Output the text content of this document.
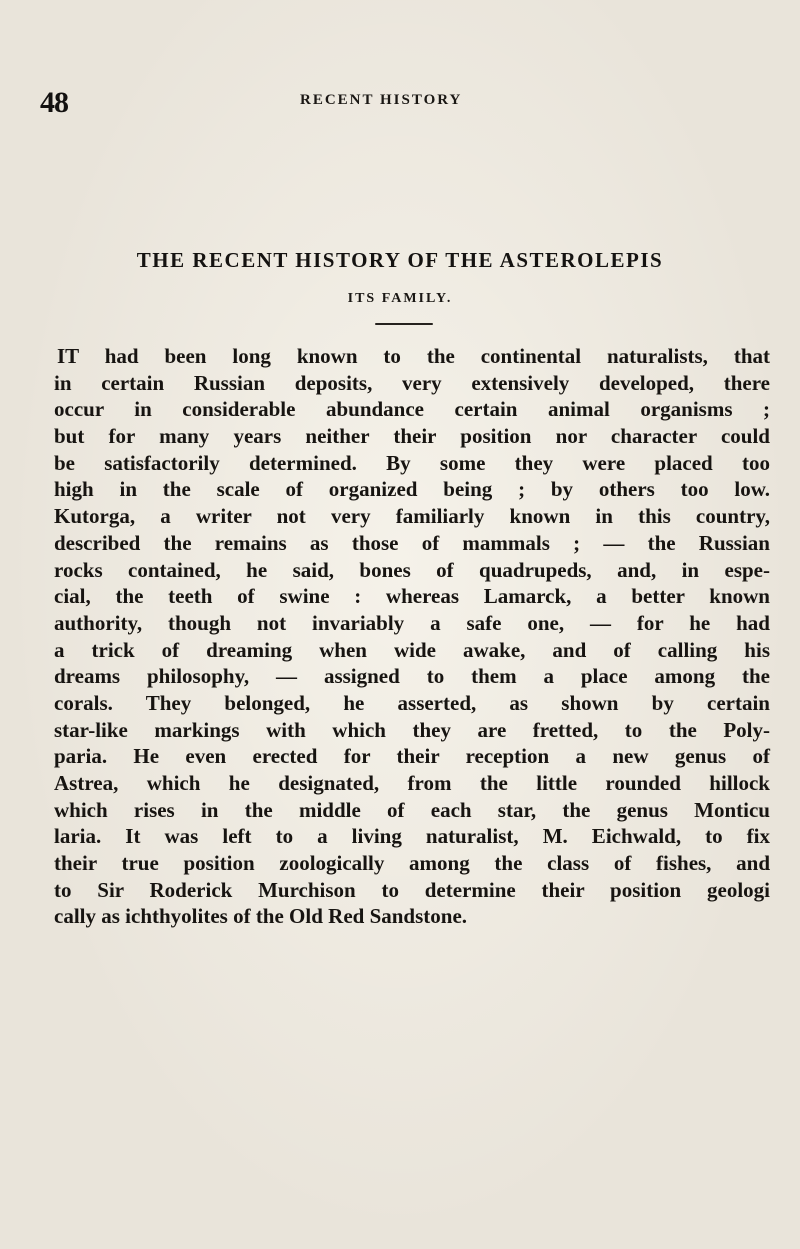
48	RECENT HISTORY
THE RECENT HISTORY OF THE ASTEROLEPIS
ITS FAMILY.
IT had been long known to the continental naturalists, that
in certain Russian deposits, very extensively developed, there
occur in considerable abundance certain animal organisms ;
but for many years neither their position nor character could
be satisfactorily determined. By some they were placed too
high in the scale of organized being ; by others too low.
Kutorga, a writer not very familiarly known in this country,
described the remains as those of mammals ; — the Russian
rocks contained, he said, bones of quadrupeds, and, in espe-
cial, the teeth of swine : whereas Lamarck, a better known
authority, though not invariably a safe one, — for he had
a trick of dreaming when wide awake, and of calling his
dreams philosophy, — assigned to them a place among the
corals. They belonged, he asserted, as shown by certain
star-like markings with which they are fretted, to the Poly-
paria. He even erected for their reception a new genus of
Astrea, which he designated, from the little rounded hillock
which rises in the middle of each star, the genus Monticu
laria. It was left to a living naturalist, M. Eichwald, to fix
their true position zoologically among the class of fishes, and
to Sir Roderick Murchison to determine their position geologi
cally as ichthyolites of the Old Red Sandstone.
